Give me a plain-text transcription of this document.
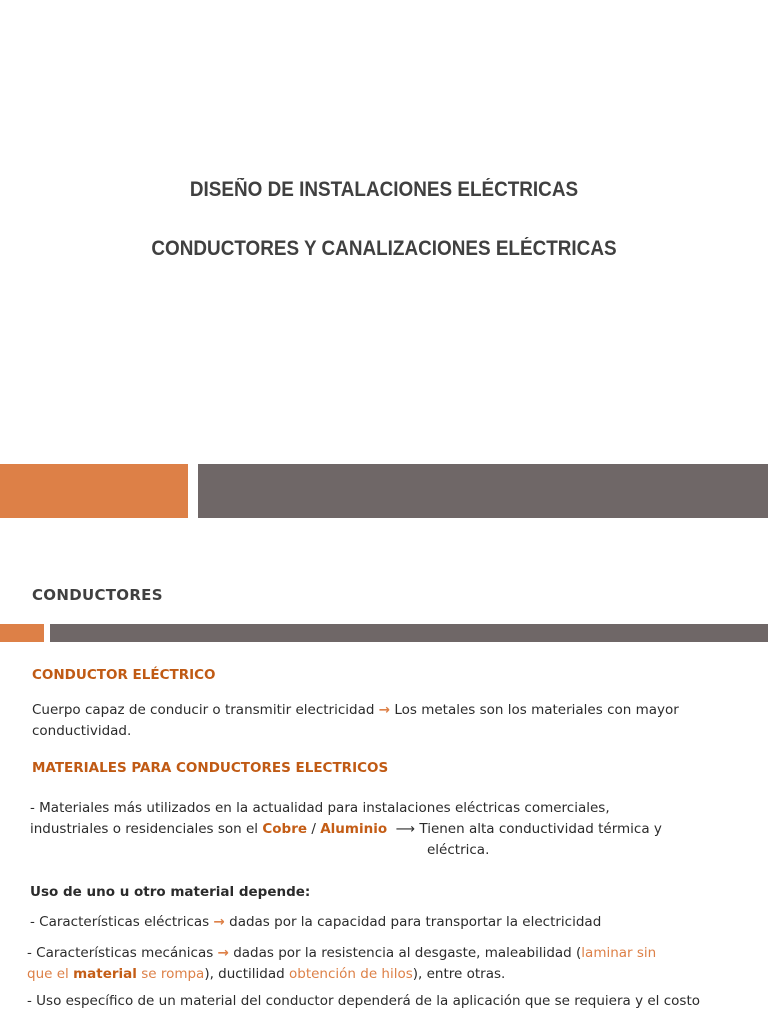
DISEÑO DE INSTALACIONES ELÉCTRICAS
CONDUCTORES Y CANALIZACIONES ELÉCTRICAS
CONDUCTORES
CONDUCTOR ELÉCTRICO
Cuerpo capaz de conducir o transmitir electricidad → Los metales son los materiales con mayor
conductividad.
MATERIALES PARA CONDUCTORES ELECTRICOS
- Materiales más utilizados en la actualidad para instalaciones eléctricas comerciales,
industriales o residenciales son el Cobre / Aluminio ⟶ Tienen alta conductividad térmica y
eléctrica.
Uso de uno u otro material depende:
- Características eléctricas → dadas por la capacidad para transportar la electricidad
- Características mecánicas → dadas por la resistencia al desgaste, maleabilidad (laminar sin
que el material se rompa), ductilidad obtención de hilos), entre otras.
- Uso específico de un material del conductor dependerá de la aplicación que se requiera y el costo
